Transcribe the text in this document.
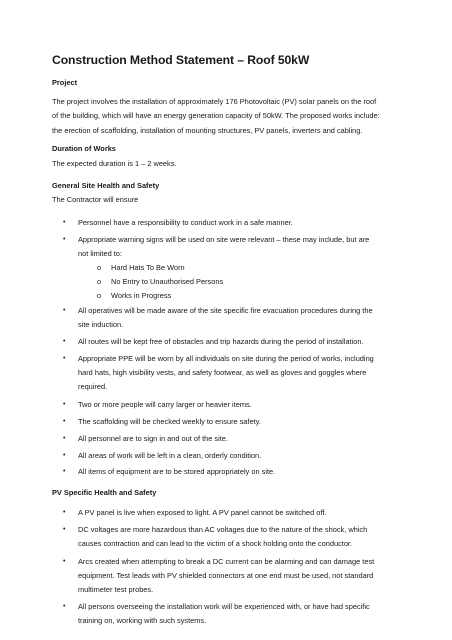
Construction Method Statement – Roof 50kW
Project
The project involves the installation of approximately 176 Photovoltaic (PV) solar panels on the roof
of the building, which will have an energy generation capacity of 50kW. The proposed works include:
the erection of scaffolding, installation of mounting structures, PV panels, inverters and cabling.
Duration of Works
The expected duration is 1 – 2 weeks.
General Site Health and Safety
The Contractor will ensure
• Personnel have a responsibility to conduct work in a safe manner.
• Appropriate warning signs will be used on site were relevant – these may include, but are
not limited to:
o Hard Hats To Be Worn
o No Entry to Unauthorised Persons
o Works in Progress
• All operatives will be made aware of the site specific fire evacuation procedures during the
site induction.
• All routes will be kept free of obstacles and trip hazards during the period of installation.
• Appropriate PPE will be worn by all individuals on site during the period of works, including
hard hats, high visibility vests, and safety footwear, as well as gloves and goggles where
required.
• Two or more people will carry larger or heavier items.
• The scaffolding will be checked weekly to ensure safety.
• All personnel are to sign in and out of the site.
• All areas of work will be left in a clean, orderly condition.
• All items of equipment are to be stored appropriately on site.
PV Specific Health and Safety
• A PV panel is live when exposed to light. A PV panel cannot be switched off.
• DC voltages are more hazardous than AC voltages due to the nature of the shock, which
causes contraction and can lead to the victim of a shock holding onto the conductor.
• Arcs created when attempting to break a DC current can be alarming and can damage test
equipment. Test leads with PV shielded connectors at one end must be used, not standard
multimeter test probes.
• All persons overseeing the installation work will be experienced with, or have had specific
training on, working with such systems.
